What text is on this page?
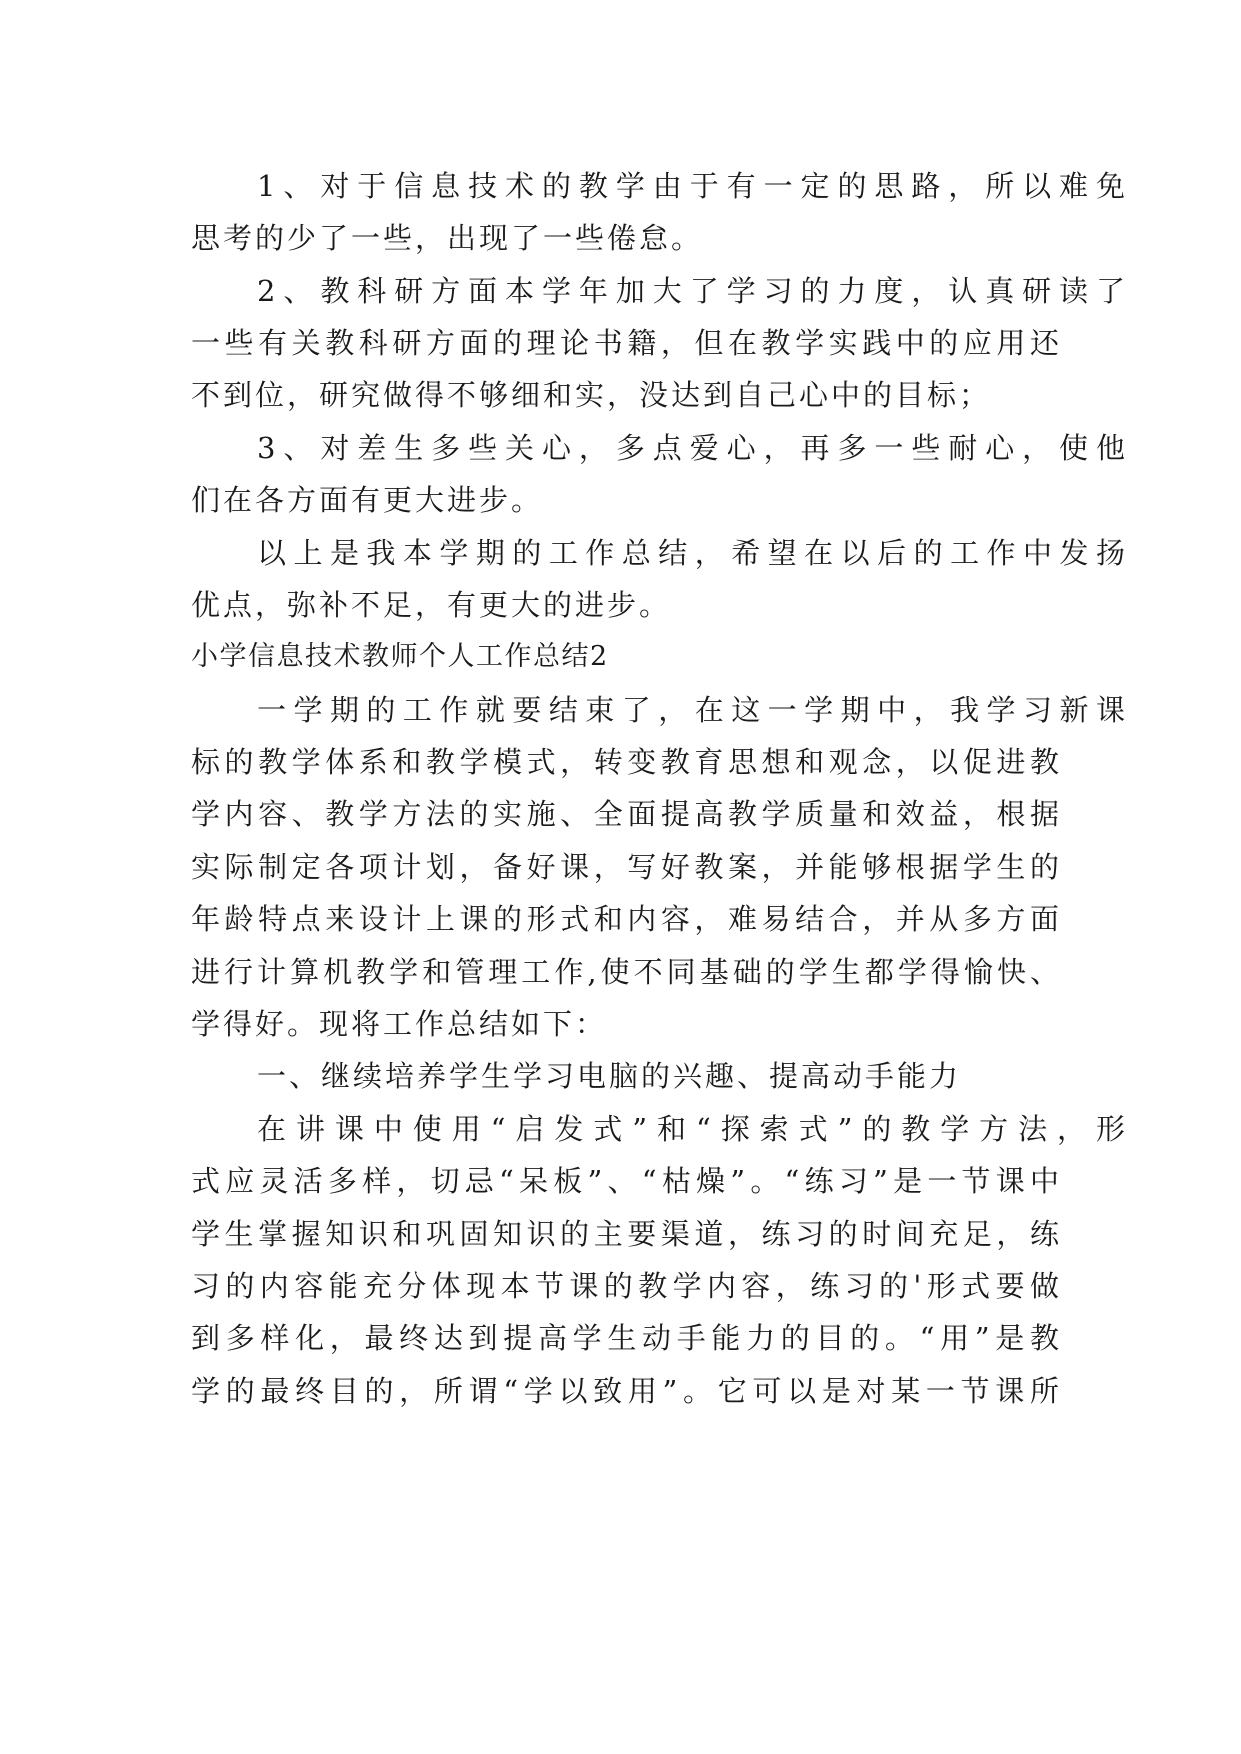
1、对于信息技术的教学由于有一定的思路，所以难免
思考的少了一些，出现了一些倦怠。
2、教科研方面本学年加大了学习的力度，认真研读了
一些有关教科研方面的理论书籍，但在教学实践中的应用还
不到位，研究做得不够细和实，没达到自己心中的目标；
3、对差生多些关心，多点爱心，再多一些耐心，使他
们在各方面有更大进步。
以上是我本学期的工作总结，希望在以后的工作中发扬
优点，弥补不足，有更大的进步。
小学信息技术教师个人工作总结2
一学期的工作就要结束了，在这一学期中，我学习新课
标的教学体系和教学模式，转变教育思想和观念，以促进教
学内容、教学方法的实施、全面提高教学质量和效益，根据
实际制定各项计划，备好课，写好教案，并能够根据学生的
年龄特点来设计上课的形式和内容，难易结合，并从多方面
进行计算机教学和管理工作,使不同基础的学生都学得愉快、
学得好。现将工作总结如下：
一、继续培养学生学习电脑的兴趣、提高动手能力
在讲课中使用“启发式”和“探索式”的教学方法，形
式应灵活多样，切忌“呆板”、“枯燥”。“练习”是一节课中
学生掌握知识和巩固知识的主要渠道，练习的时间充足，练
习的内容能充分体现本节课的教学内容，练习的'形式要做
到多样化，最终达到提高学生动手能力的目的。“用”是教
学的最终目的，所谓“学以致用”。它可以是对某一节课所
